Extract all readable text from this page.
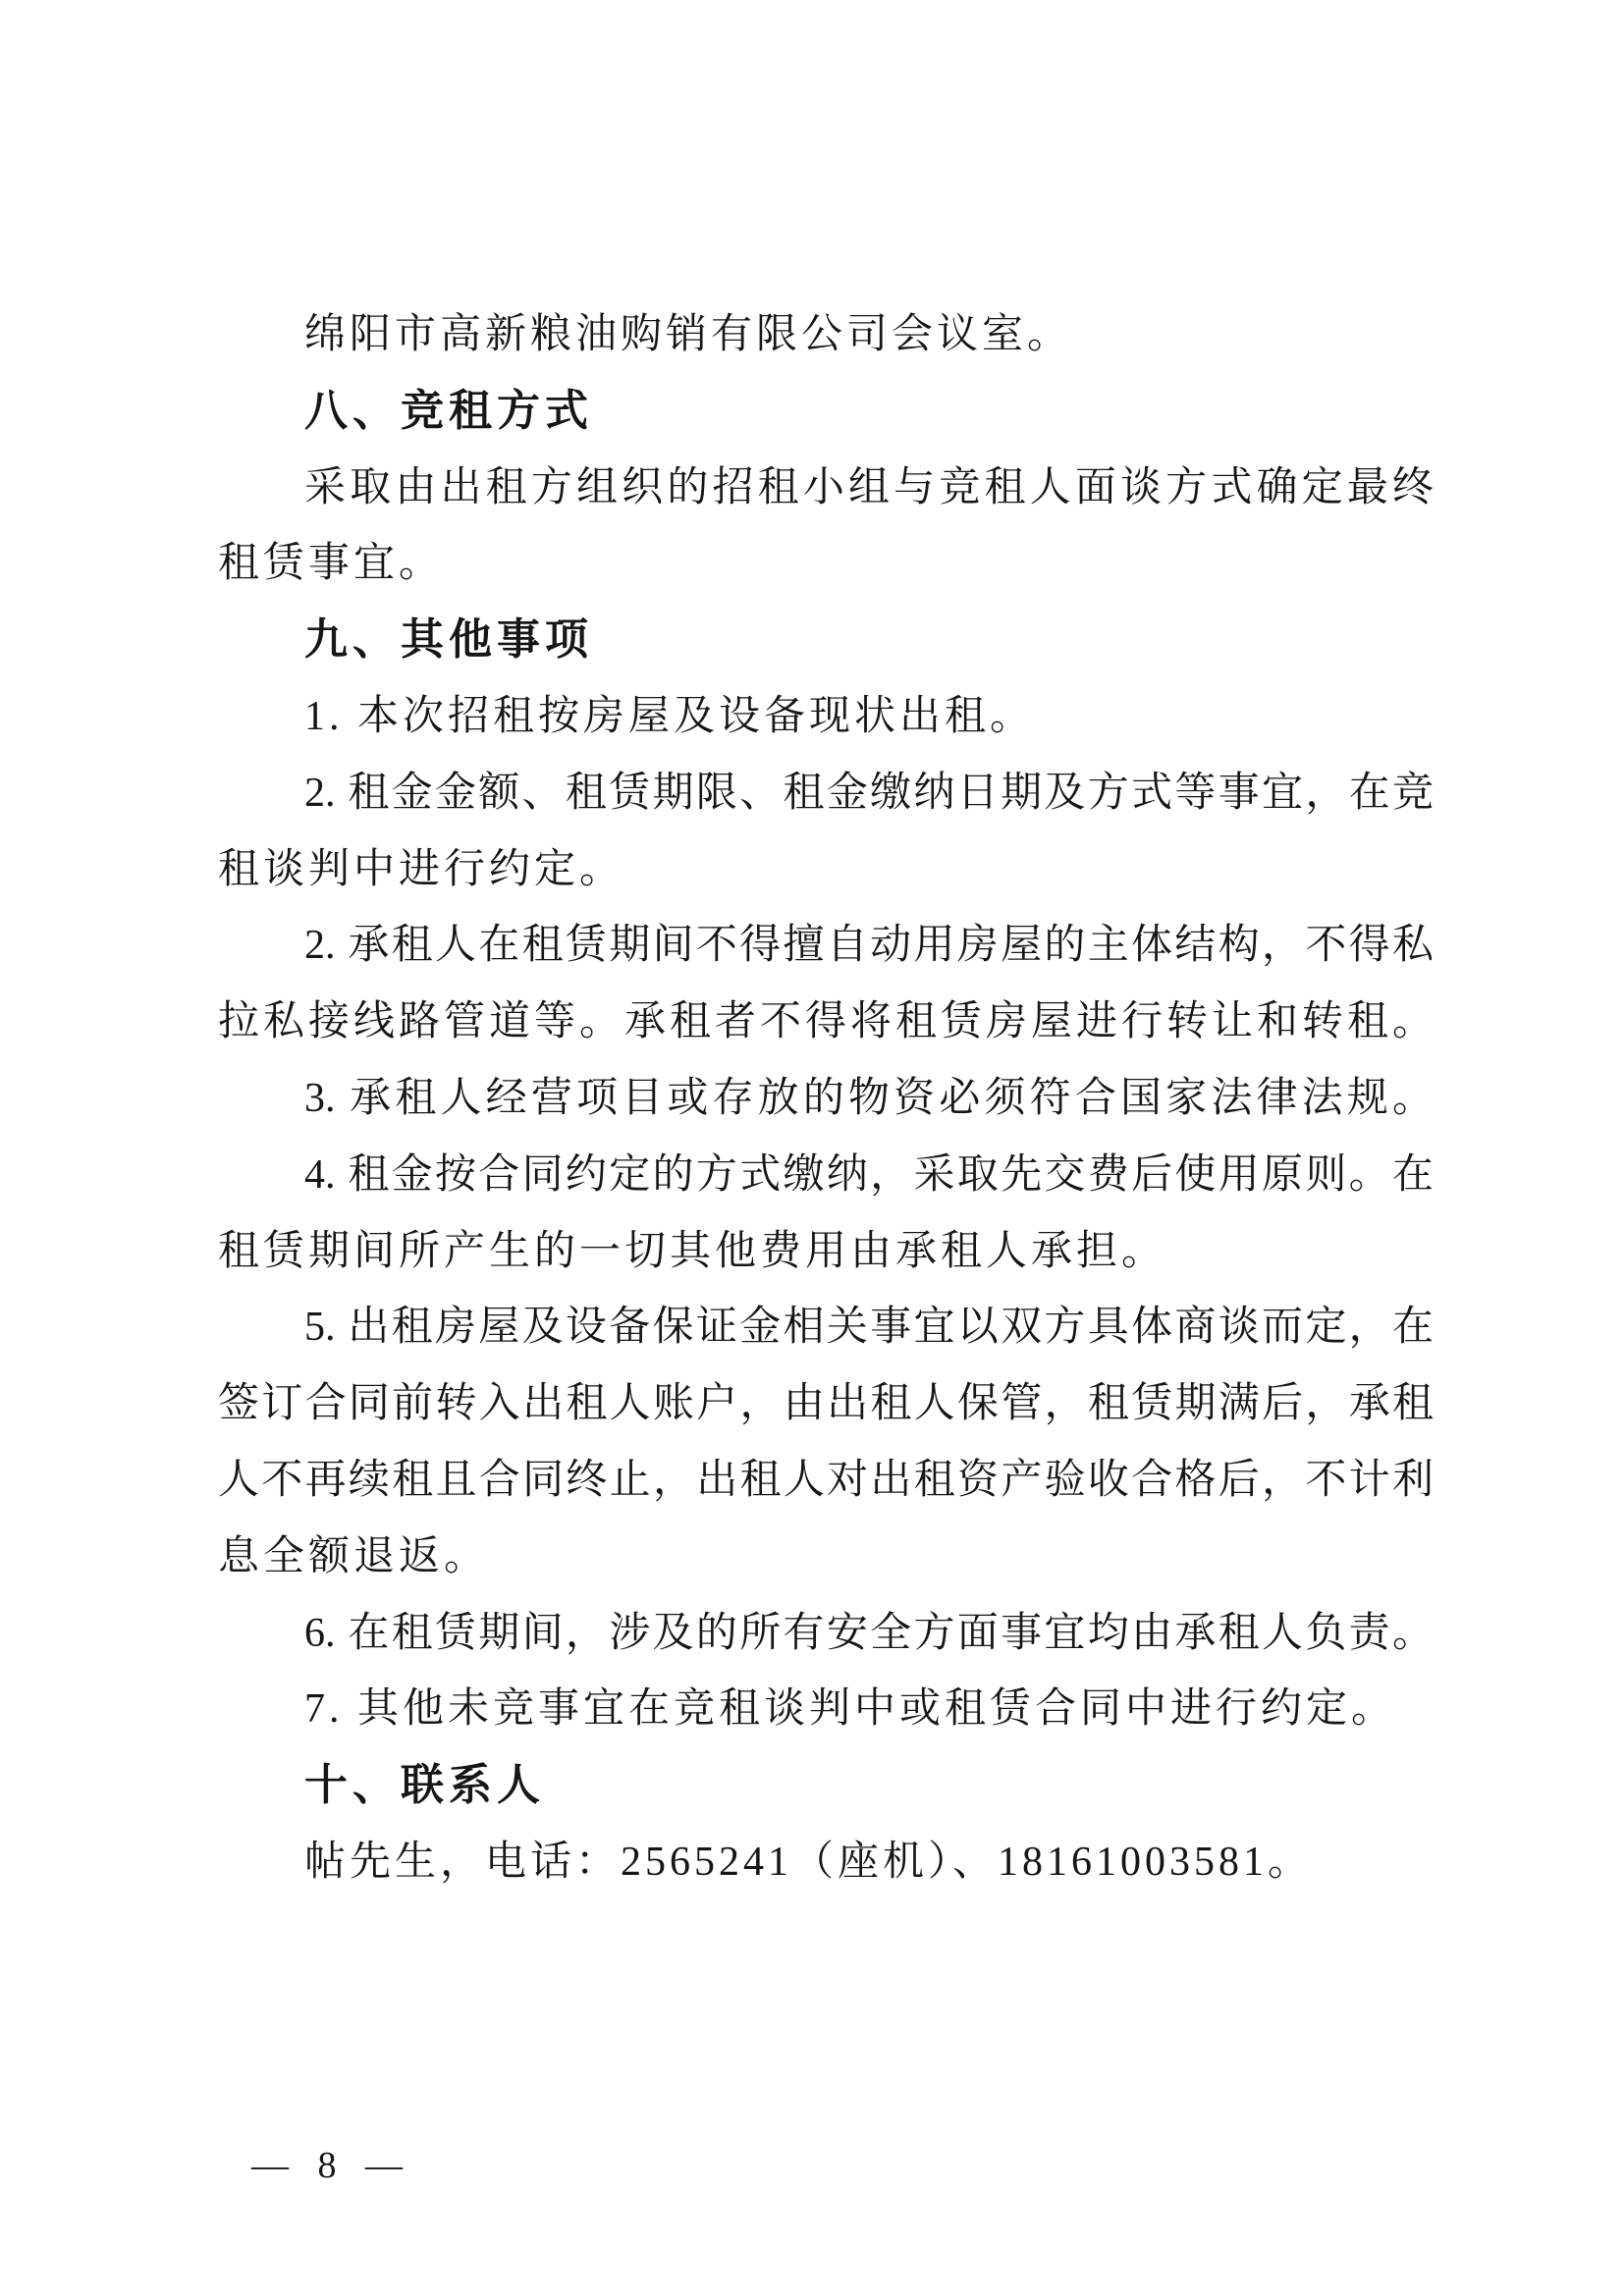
绵阳市高新粮油购销有限公司会议室。
八、竞租方式
采取由出租方组织的招租小组与竞租人面谈方式确定最终
租赁事宜。
九、其他事项
1. 本次招租按房屋及设备现状出租。
2. 租金金额、租赁期限、租金缴纳日期及方式等事宜，在竞
租谈判中进行约定。
2. 承租人在租赁期间不得擅自动用房屋的主体结构，不得私
拉私接线路管道等。承租者不得将租赁房屋进行转让和转租。
3. 承租人经营项目或存放的物资必须符合国家法律法规。
4. 租金按合同约定的方式缴纳，采取先交费后使用原则。在
租赁期间所产生的一切其他费用由承租人承担。
5. 出租房屋及设备保证金相关事宜以双方具体商谈而定，在
签订合同前转入出租人账户，由出租人保管，租赁期满后，承租
人不再续租且合同终止，出租人对出租资产验收合格后，不计利
息全额退返。
6. 在租赁期间，涉及的所有安全方面事宜均由承租人负责。
7. 其他未竞事宜在竞租谈判中或租赁合同中进行约定。
十、联系人
帖先生，电话：2565241（座机）、18161003581。
— 8 —
